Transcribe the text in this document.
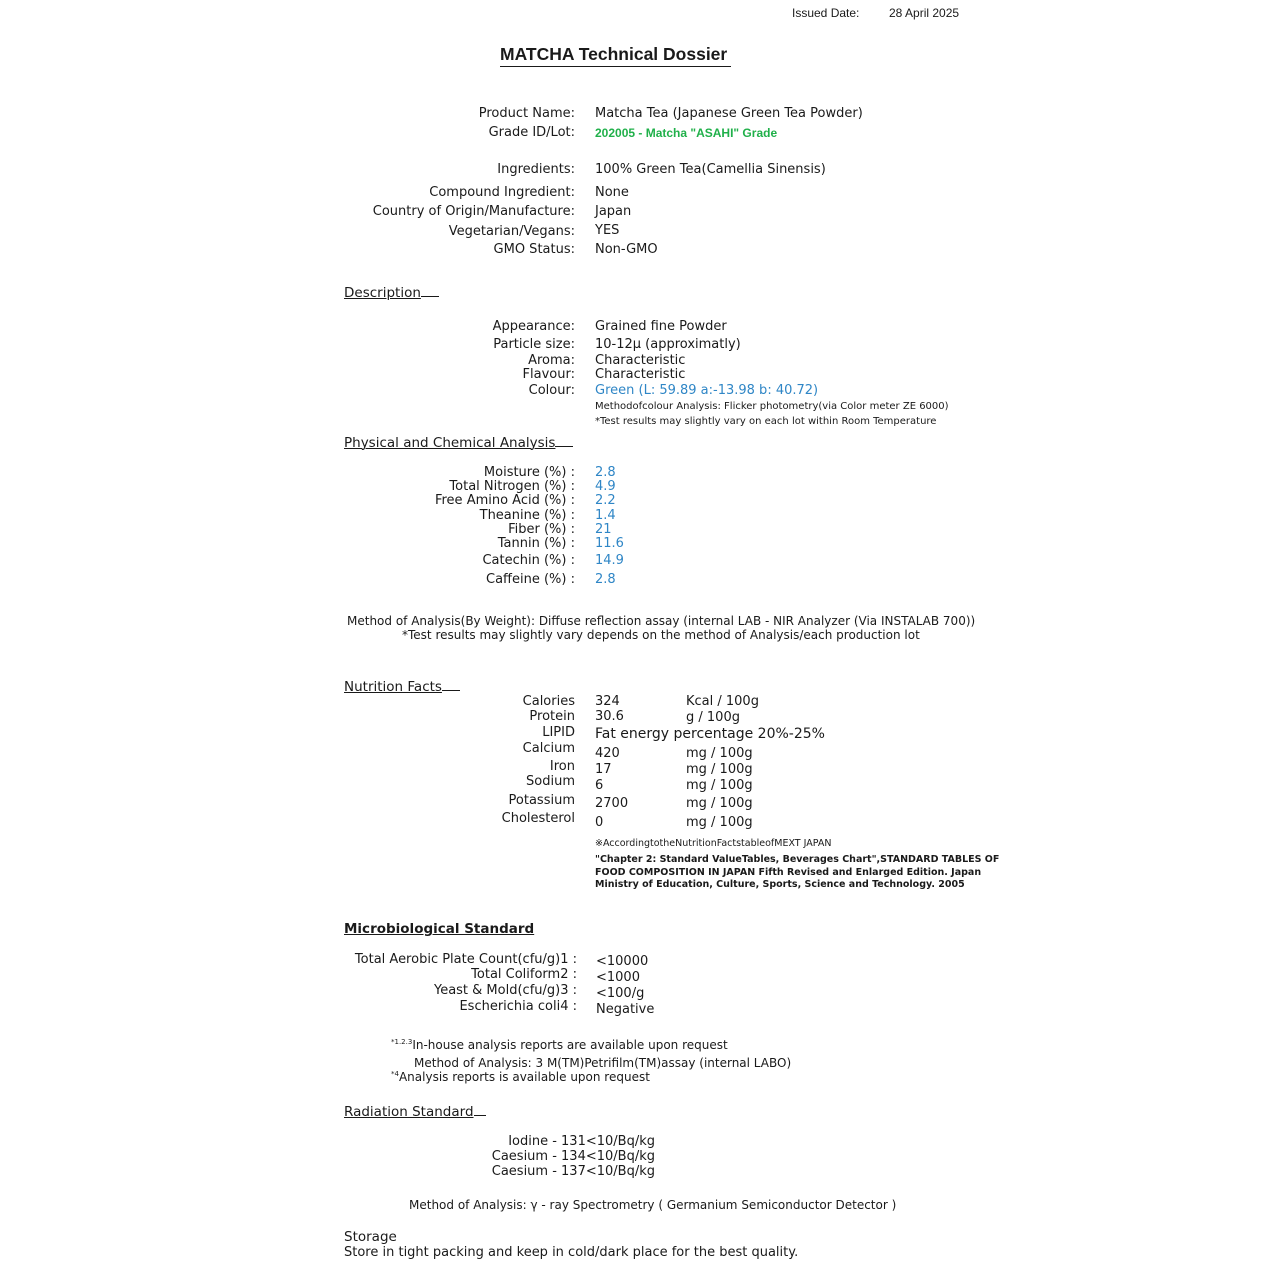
Issued Date: 28 April 2025
MATCHA Technical Dossier
Product Name: Matcha Tea (Japanese Green Tea Powder)
Grade ID/Lot: 202005 - Matcha "ASAHI" Grade
Ingredients: 100% Green Tea(Camellia Sinensis)
Compound Ingredient: None
Country of Origin/Manufacture: Japan
Vegetarian/Vegans: YES
GMO Status: Non-GMO
Description
Appearance: Grained fine Powder
Particle size: 10-12μ (approximatly)
Aroma: Characteristic
Flavour: Characteristic
Colour: Green (L: 59.89 a:-13.98 b: 40.72)
Methodofcolour Analysis: Flicker photometry(via Color meter ZE 6000)
*Test results may slightly vary on each lot within Room Temperature
Physical and Chemical Analysis
Moisture (%) : 2.8
Total Nitrogen (%) : 4.9
Free Amino Acid (%) : 2.2
Theanine (%) : 1.4
Fiber (%) : 21
Tannin (%) : 11.6
Catechin (%) : 14.9
Caffeine (%) : 2.8
Method of Analysis(By Weight): Diffuse reflection assay (internal LAB - NIR Analyzer (Via INSTALAB 700))
*Test results may slightly vary depends on the method of Analysis/each production lot
Nutrition Facts
Calories 324	Kcal / 100g
Protein 30.6	g / 100g
LIPID Fat energy percentage 20%-25%
Calcium 420	mg / 100g
Iron 17	mg / 100g
Sodium 6	mg / 100g
Potassium 2700	mg / 100g
Cholesterol 0	mg / 100g
※AccordingtotheNutritionFactstableofMEXT JAPAN
"Chapter 2: Standard ValueTables, Beverages Chart",STANDARD TABLES OF
FOOD COMPOSITION IN JAPAN Fifth Revised and Enlarged Edition. Japan
Ministry of Education, Culture, Sports, Science and Technology. 2005
Microbiological Standard
Total Aerobic Plate Count(cfu/g)1 : <10000
Total Coliform2 : <1000
Yeast & Mold(cfu/g)3 : <100/g
Escherichia coli4 : Negative
$^{*1.2.3}$In-house analysis reports are available upon request
Method of Analysis: 3 M(TM)Petrifilm(TM)assay (internal LABO)
$^{*4}$Analysis reports is available upon request
Radiation Standard
Iodine - 131<10/Bq/kg
Caesium - 134<10/Bq/kg
Caesium - 137<10/Bq/kg
Method of Analysis: γ - ray Spectrometry ( Germanium Semiconductor Detector )
Storage
Store in tight packing and keep in cold/dark place for the best quality.
